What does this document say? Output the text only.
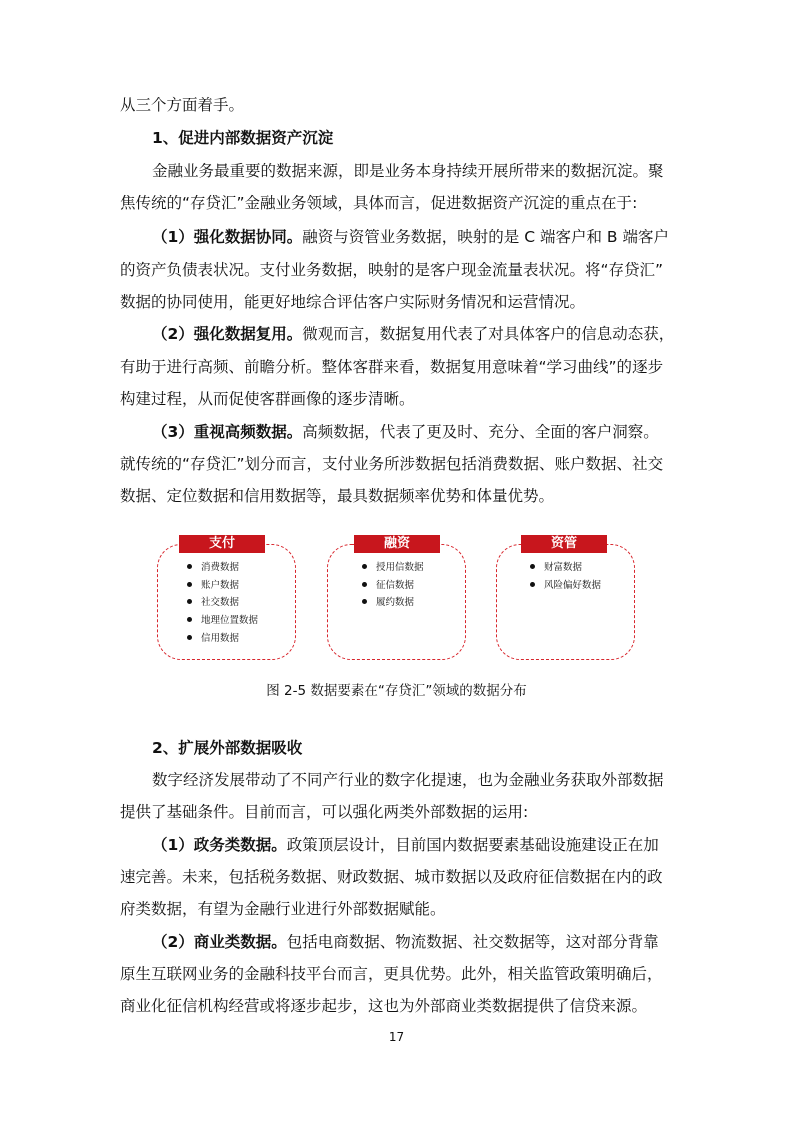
从三个方面着手。
1、促进内部数据资产沉淀
金融业务最重要的数据来源，即是业务本身持续开展所带来的数据沉淀。聚
焦传统的“存贷汇”金融业务领域，具体而言，促进数据资产沉淀的重点在于:
（1）强化数据协同。融资与资管业务数据，映射的是 C 端客户和 B 端客户
的资产负债表状况。支付业务数据，映射的是客户现金流量表状况。将“存贷汇”
数据的协同使用，能更好地综合评估客户实际财务情况和运营情况。
（2）强化数据复用。微观而言，数据复用代表了对具体客户的信息动态获，
有助于进行高频、前瞻分析。整体客群来看，数据复用意味着“学习曲线”的逐步
构建过程，从而促使客群画像的逐步清晰。
（3）重视高频数据。高频数据，代表了更及时、充分、全面的客户洞察。
就传统的“存贷汇”划分而言，支付业务所涉数据包括消费数据、账户数据、社交
数据、定位数据和信用数据等，最具数据频率优势和体量优势。
支付
消费数据
账户数据
社交数据
地理位置数据
信用数据
融资
授用信数据
征信数据
履约数据
资管
财富数据
风险偏好数据
图 2-5 数据要素在“存贷汇”领域的数据分布
2、扩展外部数据吸收
数字经济发展带动了不同产行业的数字化提速，也为金融业务获取外部数据
提供了基础条件。目前而言，可以强化两类外部数据的运用:
（1）政务类数据。政策顶层设计，目前国内数据要素基础设施建设正在加
速完善。未来，包括税务数据、财政数据、城市数据以及政府征信数据在内的政
府类数据，有望为金融行业进行外部数据赋能。
（2）商业类数据。包括电商数据、物流数据、社交数据等，这对部分背靠
原生互联网业务的金融科技平台而言，更具优势。此外，相关监管政策明确后，
商业化征信机构经营或将逐步起步，这也为外部商业类数据提供了信贷来源。
17
